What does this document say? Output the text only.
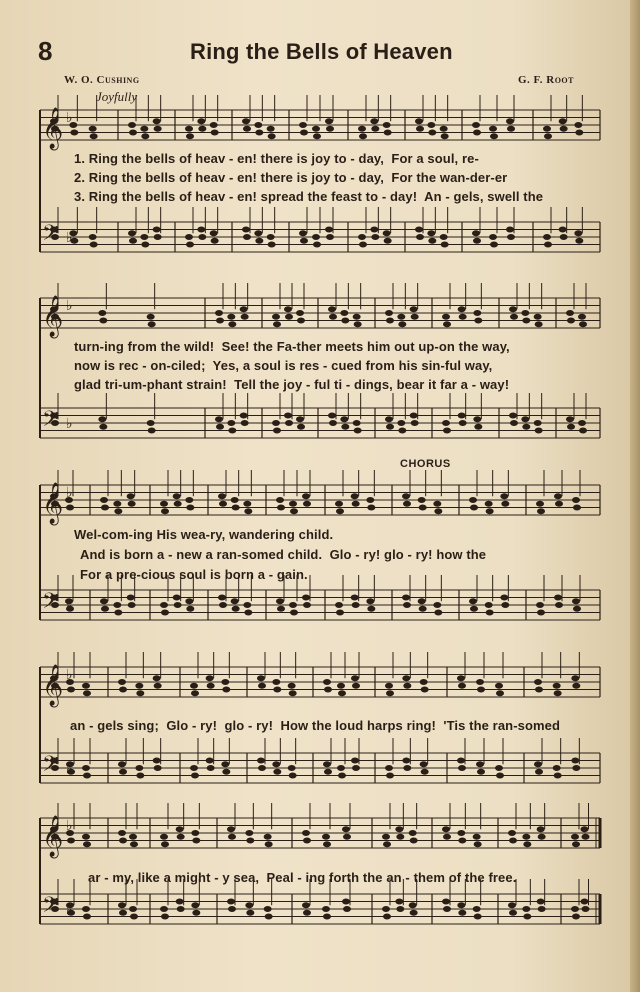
8	Ring the Bells of Heaven
W. O. Cushing	G. F. Root
Joyfully
CHORUS
1. Ring the bells of heav - en! there is joy to - day,  For a soul, re-
2. Ring the bells of heav - en! there is joy to - day,  For the wan-der-er
3. Ring the bells of heav - en! spread the feast to - day!  An - gels, swell the
turn-ing from the wild!  See! the Fa-ther meets him out up-on the way,
now is rec - on-ciled;  Yes, a soul is res - cued from his sin-ful way,
glad tri-um-phant strain!  Tell the joy - ful ti - dings, bear it far a - way!
Wel-com-ing His wea-ry, wandering child.
And is born a - new a ran-somed child.  Glo - ry! glo - ry! how the
For a pre-cious soul is born a - gain.
an - gels sing;  Glo - ry!  glo - ry!  How the loud harps ring!  'Tis the ran-somed
ar - my, like a might - y sea,  Peal - ing forth the an - them of the free.
𝄞 ♭
𝄢 ♭
𝄞 ♭
𝄢 ♭
𝄞 ♭
𝄢 ♭
𝄞 ♭
𝄢 ♭
𝄞 ♭
𝄢 ♭
